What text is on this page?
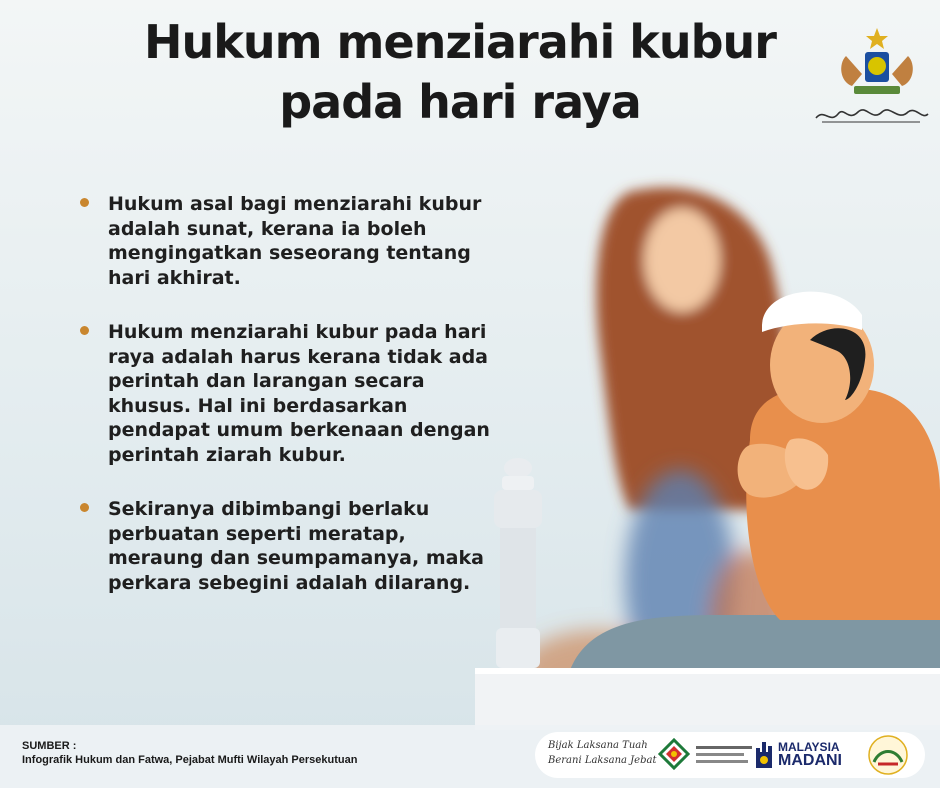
Hukum menziarahi kubur
pada hari raya

Hukum asal bagi menziarahi kubur adalah sunat, kerana ia boleh mengingatkan seseorang tentang hari akhirat.

Hukum menziarahi kubur pada hari raya adalah harus kerana tidak ada perintah dan larangan secara khusus. Hal ini berdasarkan pendapat umum berkenaan dengan perintah ziarah kubur.

Sekiranya dibimbangi berlaku perbuatan seperti meratap, meraung dan seumpamanya, maka perkara sebegini adalah dilarang.

SUMBER :
Infografik Hukum dan Fatwa, Pejabat Mufti Wilayah Persekutuan
Bijak Laksana Tuah
Berani Laksana Jebat
MALAYSIA
MADANI
